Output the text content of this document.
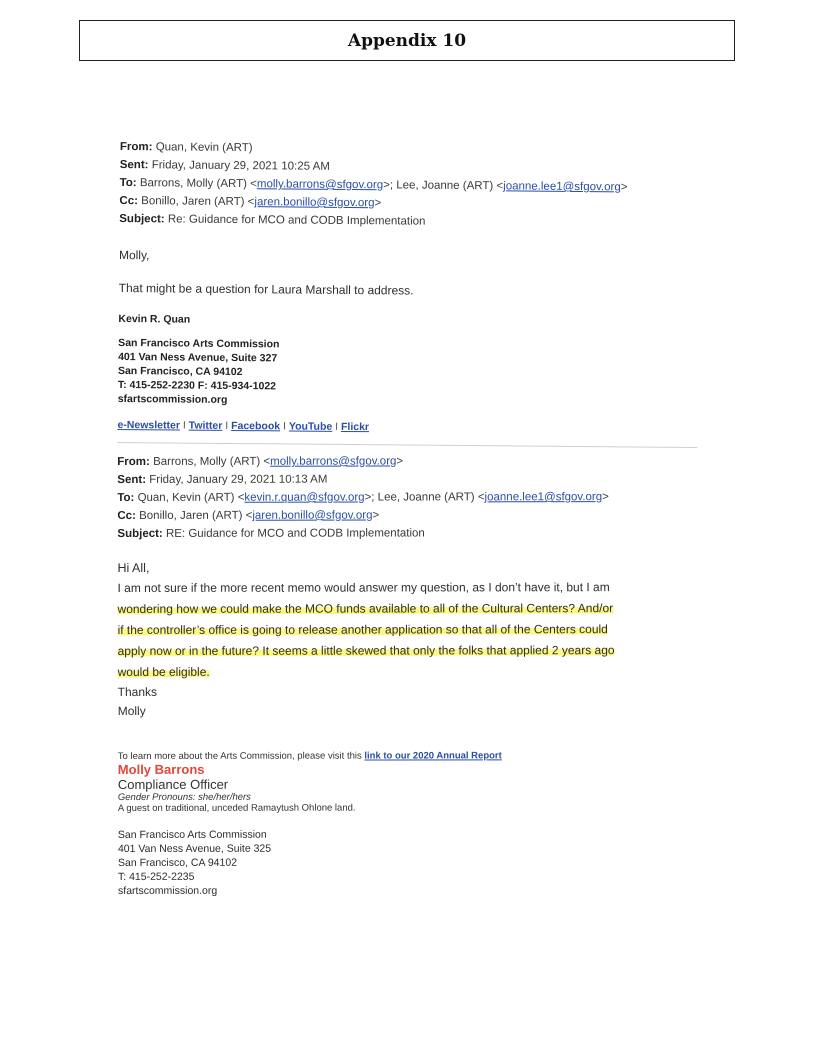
Appendix 10
From: Quan, Kevin (ART)
Sent: Friday, January 29, 2021 10:25 AM
To: Barrons, Molly (ART) <molly.barrons@sfgov.org>; Lee, Joanne (ART) <joanne.lee1@sfgov.org>
Cc: Bonillo, Jaren (ART) <jaren.bonillo@sfgov.org>
Subject: Re: Guidance for MCO and CODB Implementation
Molly,
That might be a question for Laura Marshall to address.
Kevin R. Quan
San Francisco Arts Commission
401 Van Ness Avenue, Suite 327
San Francisco, CA 94102
T: 415-252-2230 F: 415-934-1022
sfartscommission.org
e-Newsletter I Twitter I Facebook I YouTube I Flickr
From: Barrons, Molly (ART) <molly.barrons@sfgov.org>
Sent: Friday, January 29, 2021 10:13 AM
To: Quan, Kevin (ART) <kevin.r.quan@sfgov.org>; Lee, Joanne (ART) <joanne.lee1@sfgov.org>
Cc: Bonillo, Jaren (ART) <jaren.bonillo@sfgov.org>
Subject: RE: Guidance for MCO and CODB Implementation
Hi All,
I am not sure if the more recent memo would answer my question, as I don’t have it, but I am
wondering how we could make the MCO funds available to all of the Cultural Centers? And/or
if the controller’s office is going to release another application so that all of the Centers could
apply now or in the future? It seems a little skewed that only the folks that applied 2 years ago
would be eligible.
Thanks
Molly
To learn more about the Arts Commission, please visit this link to our 2020 Annual Report
Molly Barrons
Compliance Officer
Gender Pronouns: she/her/hers
A guest on traditional, unceded Ramaytush Ohlone land.
San Francisco Arts Commission
401 Van Ness Avenue, Suite 325
San Francisco, CA 94102
T: 415-252-2235
sfartscommission.org
